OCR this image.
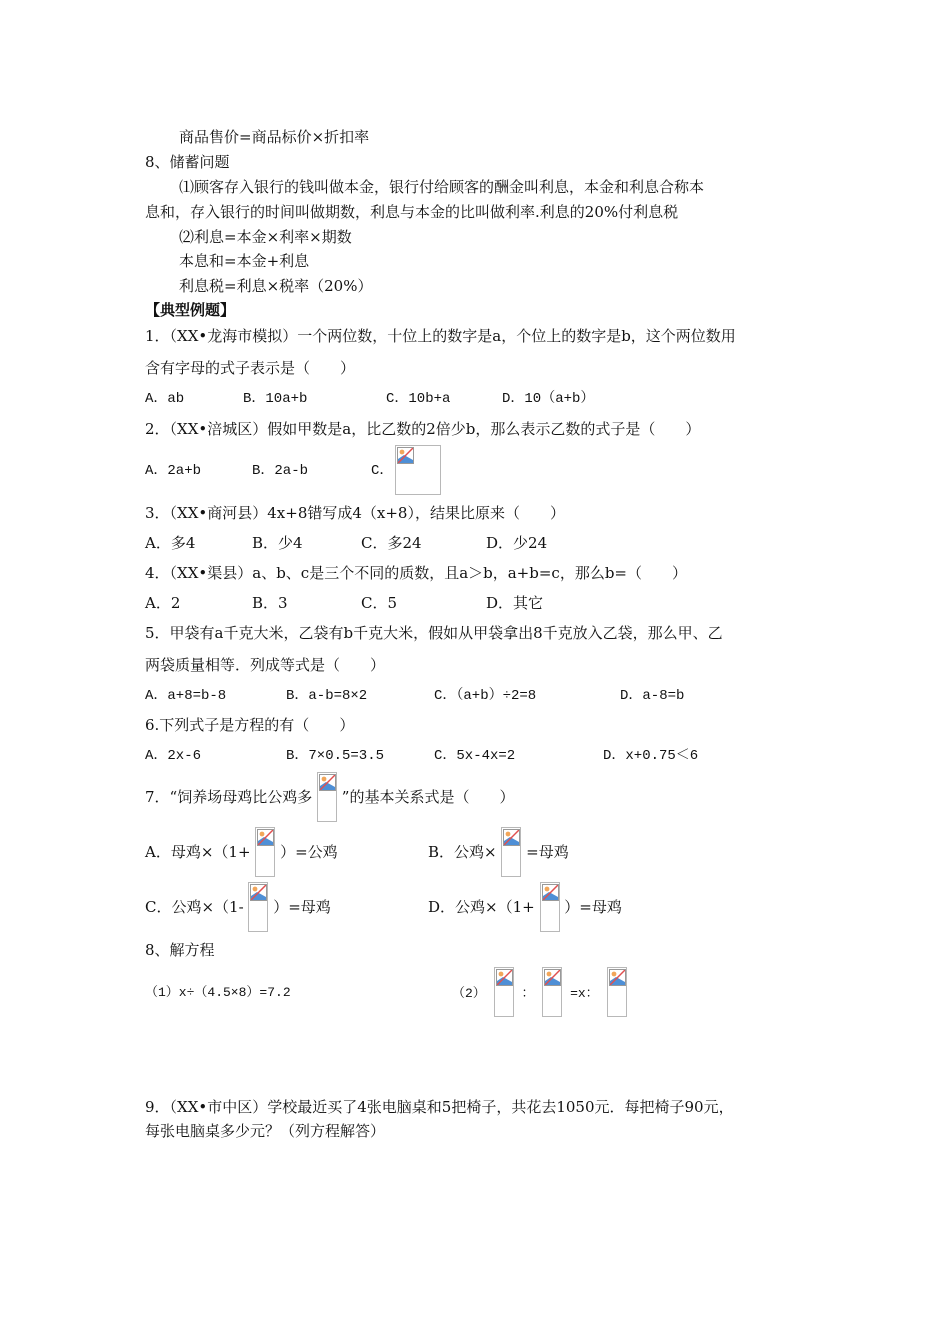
商品售价=商品标价×折扣率
8、储蓄问题
⑴顾客存入银行的钱叫做本金，银行付给顾客的酬金叫利息，本金和利息合称本
息和，存入银行的时间叫做期数，利息与本金的比叫做利率.利息的20%付利息税
⑵利息=本金×利率×期数
本息和=本金+利息
利息税=利息×税率（20%）
【典型例题】
1．（XX•龙海市模拟）一个两位数，十位上的数字是a，个位上的数字是b，这个两位数用
含有字母的式子表示是（　　）
A．ab	B．10a+b	C．10b+a	D．10（a+b）
2．（XX•涪城区）假如甲数是a，比乙数的2倍少b，那么表示乙数的式子是（　　）
A．2a+b	B．2a-b	C．
3．（XX•商河县）4x+8错写成4（x+8），结果比原来（　　）
A．多4	B．少4	C．多24	D．少24
4．（XX•渠县）a、b、c是三个不同的质数，且a＞b，a+b=c，那么b=（　　）
A．2	B．3	C．5	D．其它
5．甲袋有a千克大米，乙袋有b千克大米，假如从甲袋拿出8千克放入乙袋，那么甲、乙
两袋质量相等．列成等式是（　　）
A．a+8=b-8	B．a-b=8×2	C．（a+b）÷2=8	D．a-8=b
6.下列式子是方程的有（　　）
A．2x-6	B．7×0.5=3.5	C．5x-4x=2	D．x+0.75＜6
7．“饲养场母鸡比公鸡多 ”的基本关系式是（　　）
A．母鸡×（1+ ）=公鸡	B．公鸡× =母鸡
C．公鸡×（1- ）=母鸡	D．公鸡×（1+ ）=母鸡
8、解方程
（1）x÷（4.5×8）=7.2	（2）	：	=x：
9．（XX•市中区）学校最近买了4张电脑桌和5把椅子，共花去1050元．每把椅子90元，
每张电脑桌多少元？（列方程解答）
